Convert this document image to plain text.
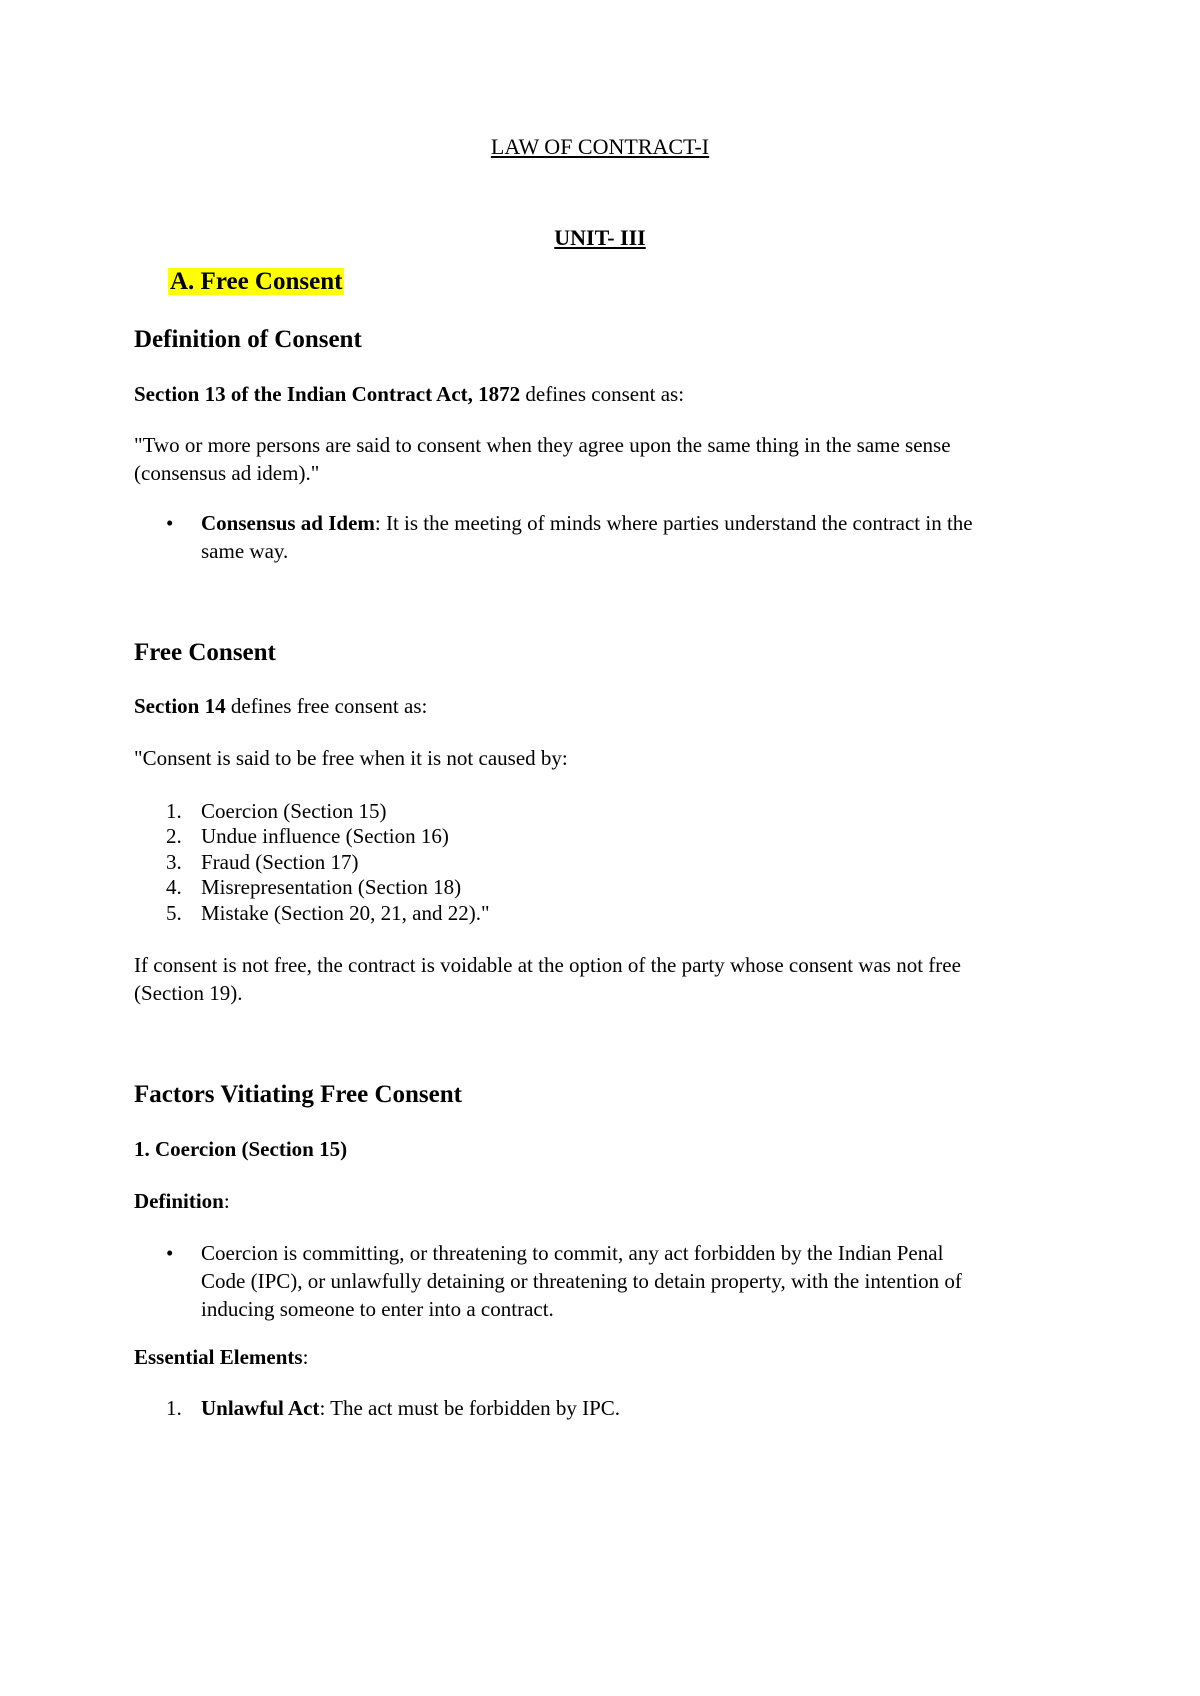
LAW OF CONTRACT-I
UNIT- III
A. Free Consent
Definition of Consent
Section 13 of the Indian Contract Act, 1872 defines consent as:
"Two or more persons are said to consent when they agree upon the same thing in the same sense (consensus ad idem)."
• Consensus ad Idem: It is the meeting of minds where parties understand the contract in the same way.
Free Consent
Section 14 defines free consent as:
"Consent is said to be free when it is not caused by:
1. Coercion (Section 15)
2. Undue influence (Section 16)
3. Fraud (Section 17)
4. Misrepresentation (Section 18)
5. Mistake (Section 20, 21, and 22)."
If consent is not free, the contract is voidable at the option of the party whose consent was not free (Section 19).
Factors Vitiating Free Consent
1. Coercion (Section 15)
Definition:
• Coercion is committing, or threatening to commit, any act forbidden by the Indian Penal Code (IPC), or unlawfully detaining or threatening to detain property, with the intention of inducing someone to enter into a contract.
Essential Elements:
1. Unlawful Act: The act must be forbidden by IPC.
